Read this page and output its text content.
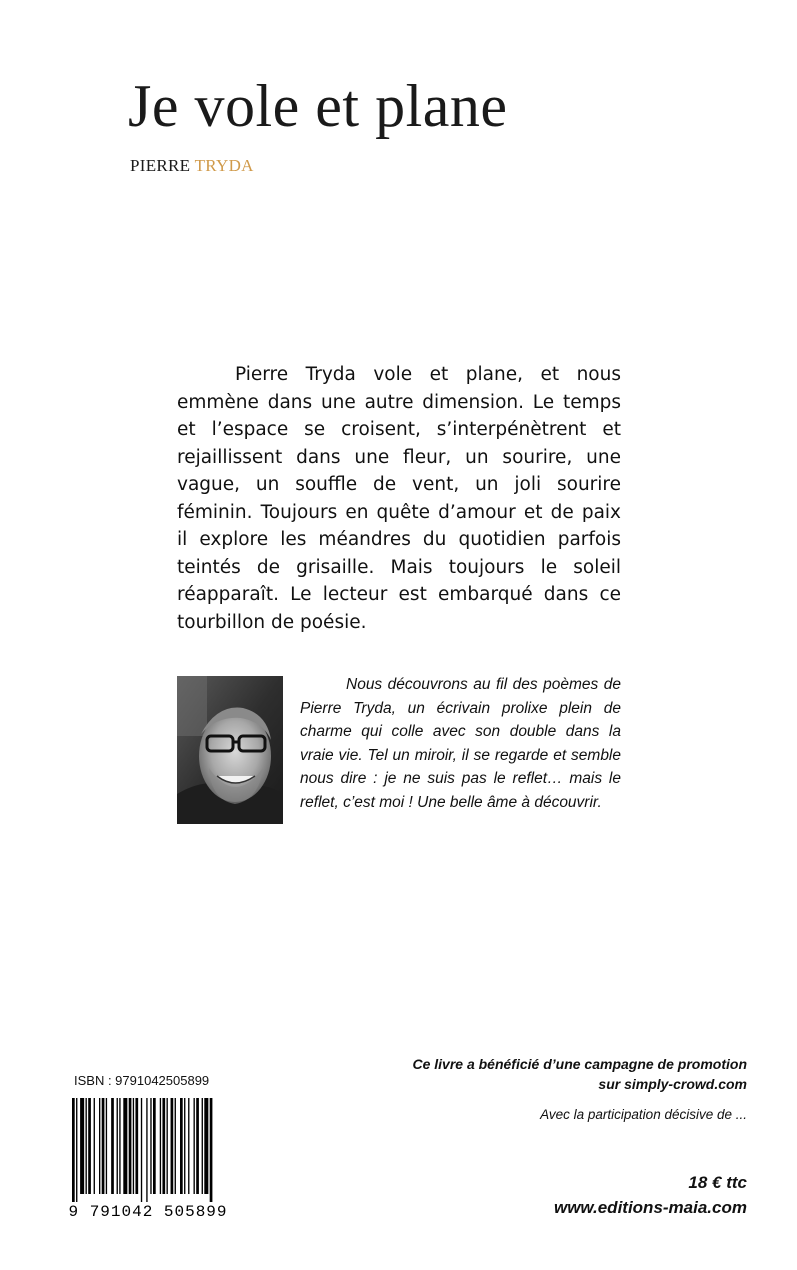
Je vole et plane
PIERRE TRYDA

Pierre Tryda vole et plane, et nous emmène dans une autre dimension. Le temps et l’espace se croisent, s’interpénètrent et rejaillissent dans une fleur, un sourire, une vague, un souffle de vent, un joli sourire féminin. Toujours en quête d’amour et de paix il explore les méandres du quotidien parfois teintés de grisaille. Mais toujours le soleil réapparaît. Le lecteur est embarqué dans ce tourbillon de poésie.

Nous découvrons au fil des poèmes de Pierre Tryda, un écrivain prolixe plein de charme qui colle avec son double dans la vraie vie. Tel un miroir, il se regarde et semble nous dire : je ne suis pas le reflet… mais le reflet, c’est moi ! Une belle âme à découvrir.

ISBN : 9791042505899
9 791042 505899
Ce livre a bénéficié d’une campagne de promotion
sur simply-crowd.com
Avec la participation décisive de ...
18 € ttc
www.editions-maia.com
